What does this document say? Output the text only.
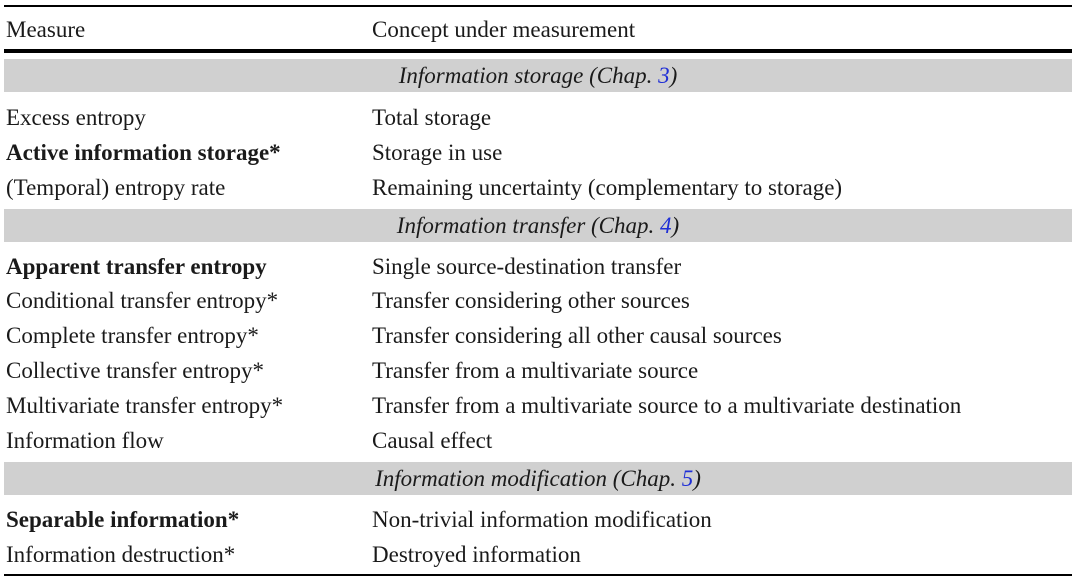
Measure	Concept under measurement
Information storage (Chap. 3)
Excess entropy	Total storage
Active information storage*	Storage in use
(Temporal) entropy rate	Remaining uncertainty (complementary to storage)
Information transfer (Chap. 4)
Apparent transfer entropy	Single source-destination transfer
Conditional transfer entropy*	Transfer considering other sources
Complete transfer entropy*	Transfer considering all other causal sources
Collective transfer entropy*	Transfer from a multivariate source
Multivariate transfer entropy*	Transfer from a multivariate source to a multivariate destination
Information flow	Causal effect
Information modification (Chap. 5)
Separable information*	Non-trivial information modification
Information destruction*	Destroyed information
